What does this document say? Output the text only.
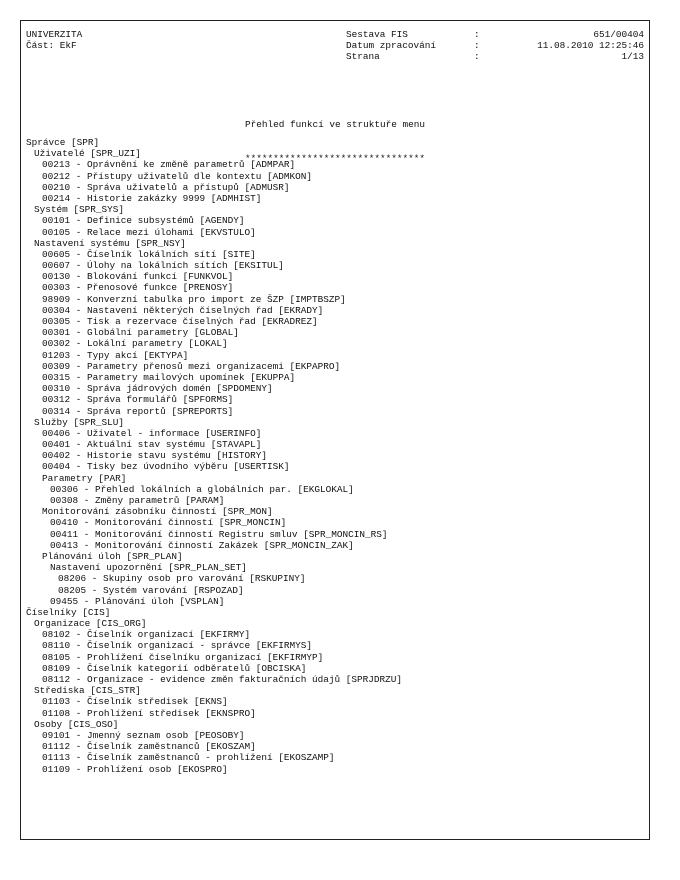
UNIVERZITA
Část: EkF
Sestava FIS	:	651/00404
Datum zpracování	:	11.08.2010 12:25:46
Strana	:	1/13

Přehled funkcí ve struktuře menu

********************************

Správce [SPR]
Uživatelé [SPR_UZI]
00213 - Oprávnění ke změně parametrů [ADMPAR]
00212 - Přístupy uživatelů dle kontextu [ADMKON]
00210 - Správa uživatelů a přístupů [ADMUSR]
00214 - Historie zakázky 9999 [ADMHIST]
Systém [SPR_SYS]
00101 - Definice subsystémů [AGENDY]
00105 - Relace mezi úlohami [EKVSTULO]
Nastavení systému [SPR_NSY]
00605 - Číselník lokálních sítí [SITE]
00607 - Úlohy na lokálních sítích [EKSITUL]
00130 - Blokování funkcí [FUNKVOL]
00303 - Přenosové funkce [PRENOSY]
98909 - Konverzní tabulka pro import ze ŠZP [IMPTBSZP]
00304 - Nastavení některých číselných řad [EKRADY]
00305 - Tisk a rezervace číselných řad [EKRADREZ]
00301 - Globální parametry [GLOBAL]
00302 - Lokální parametry [LOKAL]
01203 - Typy akcí [EKTYPA]
00309 - Parametry přenosů mezi organizacemi [EKPAPRO]
00315 - Parametry mailových upomínek [EKUPPA]
00310 - Správa jádrových domén [SPDOMENY]
00312 - Správa formulářů [SPFORMS]
00314 - Správa reportů [SPREPORTS]
Služby [SPR_SLU]
00406 - Uživatel - informace [USERINFO]
00401 - Aktuální stav systému [STAVAPL]
00402 - Historie stavu systému [HISTORY]
00404 - Tisky bez úvodního výběru [USERTISK]
Parametry [PAR]
00306 - Přehled lokálních a globálních par. [EKGLOKAL]
00308 - Změny parametrů [PARAM]
Monitorování zásobníku činností [SPR_MON]
00410 - Monitorování činností [SPR_MONCIN]
00411 - Monitorování činností Registru smluv [SPR_MONCIN_RS]
00413 - Monitorování činností Zakázek [SPR_MONCIN_ZAK]
Plánování úloh [SPR_PLAN]
Nastavení upozornění [SPR_PLAN_SET]
08206 - Skupiny osob pro varování [RSKUPINY]
08205 - Systém varování [RSPOZAD]
09455 - Plánování úloh [VSPLAN]
Číselníky [CIS]
Organizace [CIS_ORG]
08102 - Číselník organizací [EKFIRMY]
08110 - Číselník organizací - správce [EKFIRMYS]
08105 - Prohlížení číselníku organizací [EKFIRMYP]
08109 - Číselník kategorií odběratelů [OBCISKA]
08112 - Organizace - evidence změn fakturačních údajů [SPRJDRZU]
Střediska [CIS_STR]
01103 - Číselník středisek [EKNS]
01108 - Prohlížení středisek [EKNSPRO]
Osoby [CIS_OSO]
09101 - Jmenný seznam osob [PEOSOBY]
01112 - Číselník zaměstnanců [EKOSZAM]
01113 - Číselník zaměstnanců - prohlížení [EKOSZAMP]
01109 - Prohlížení osob [EKOSPRO]
